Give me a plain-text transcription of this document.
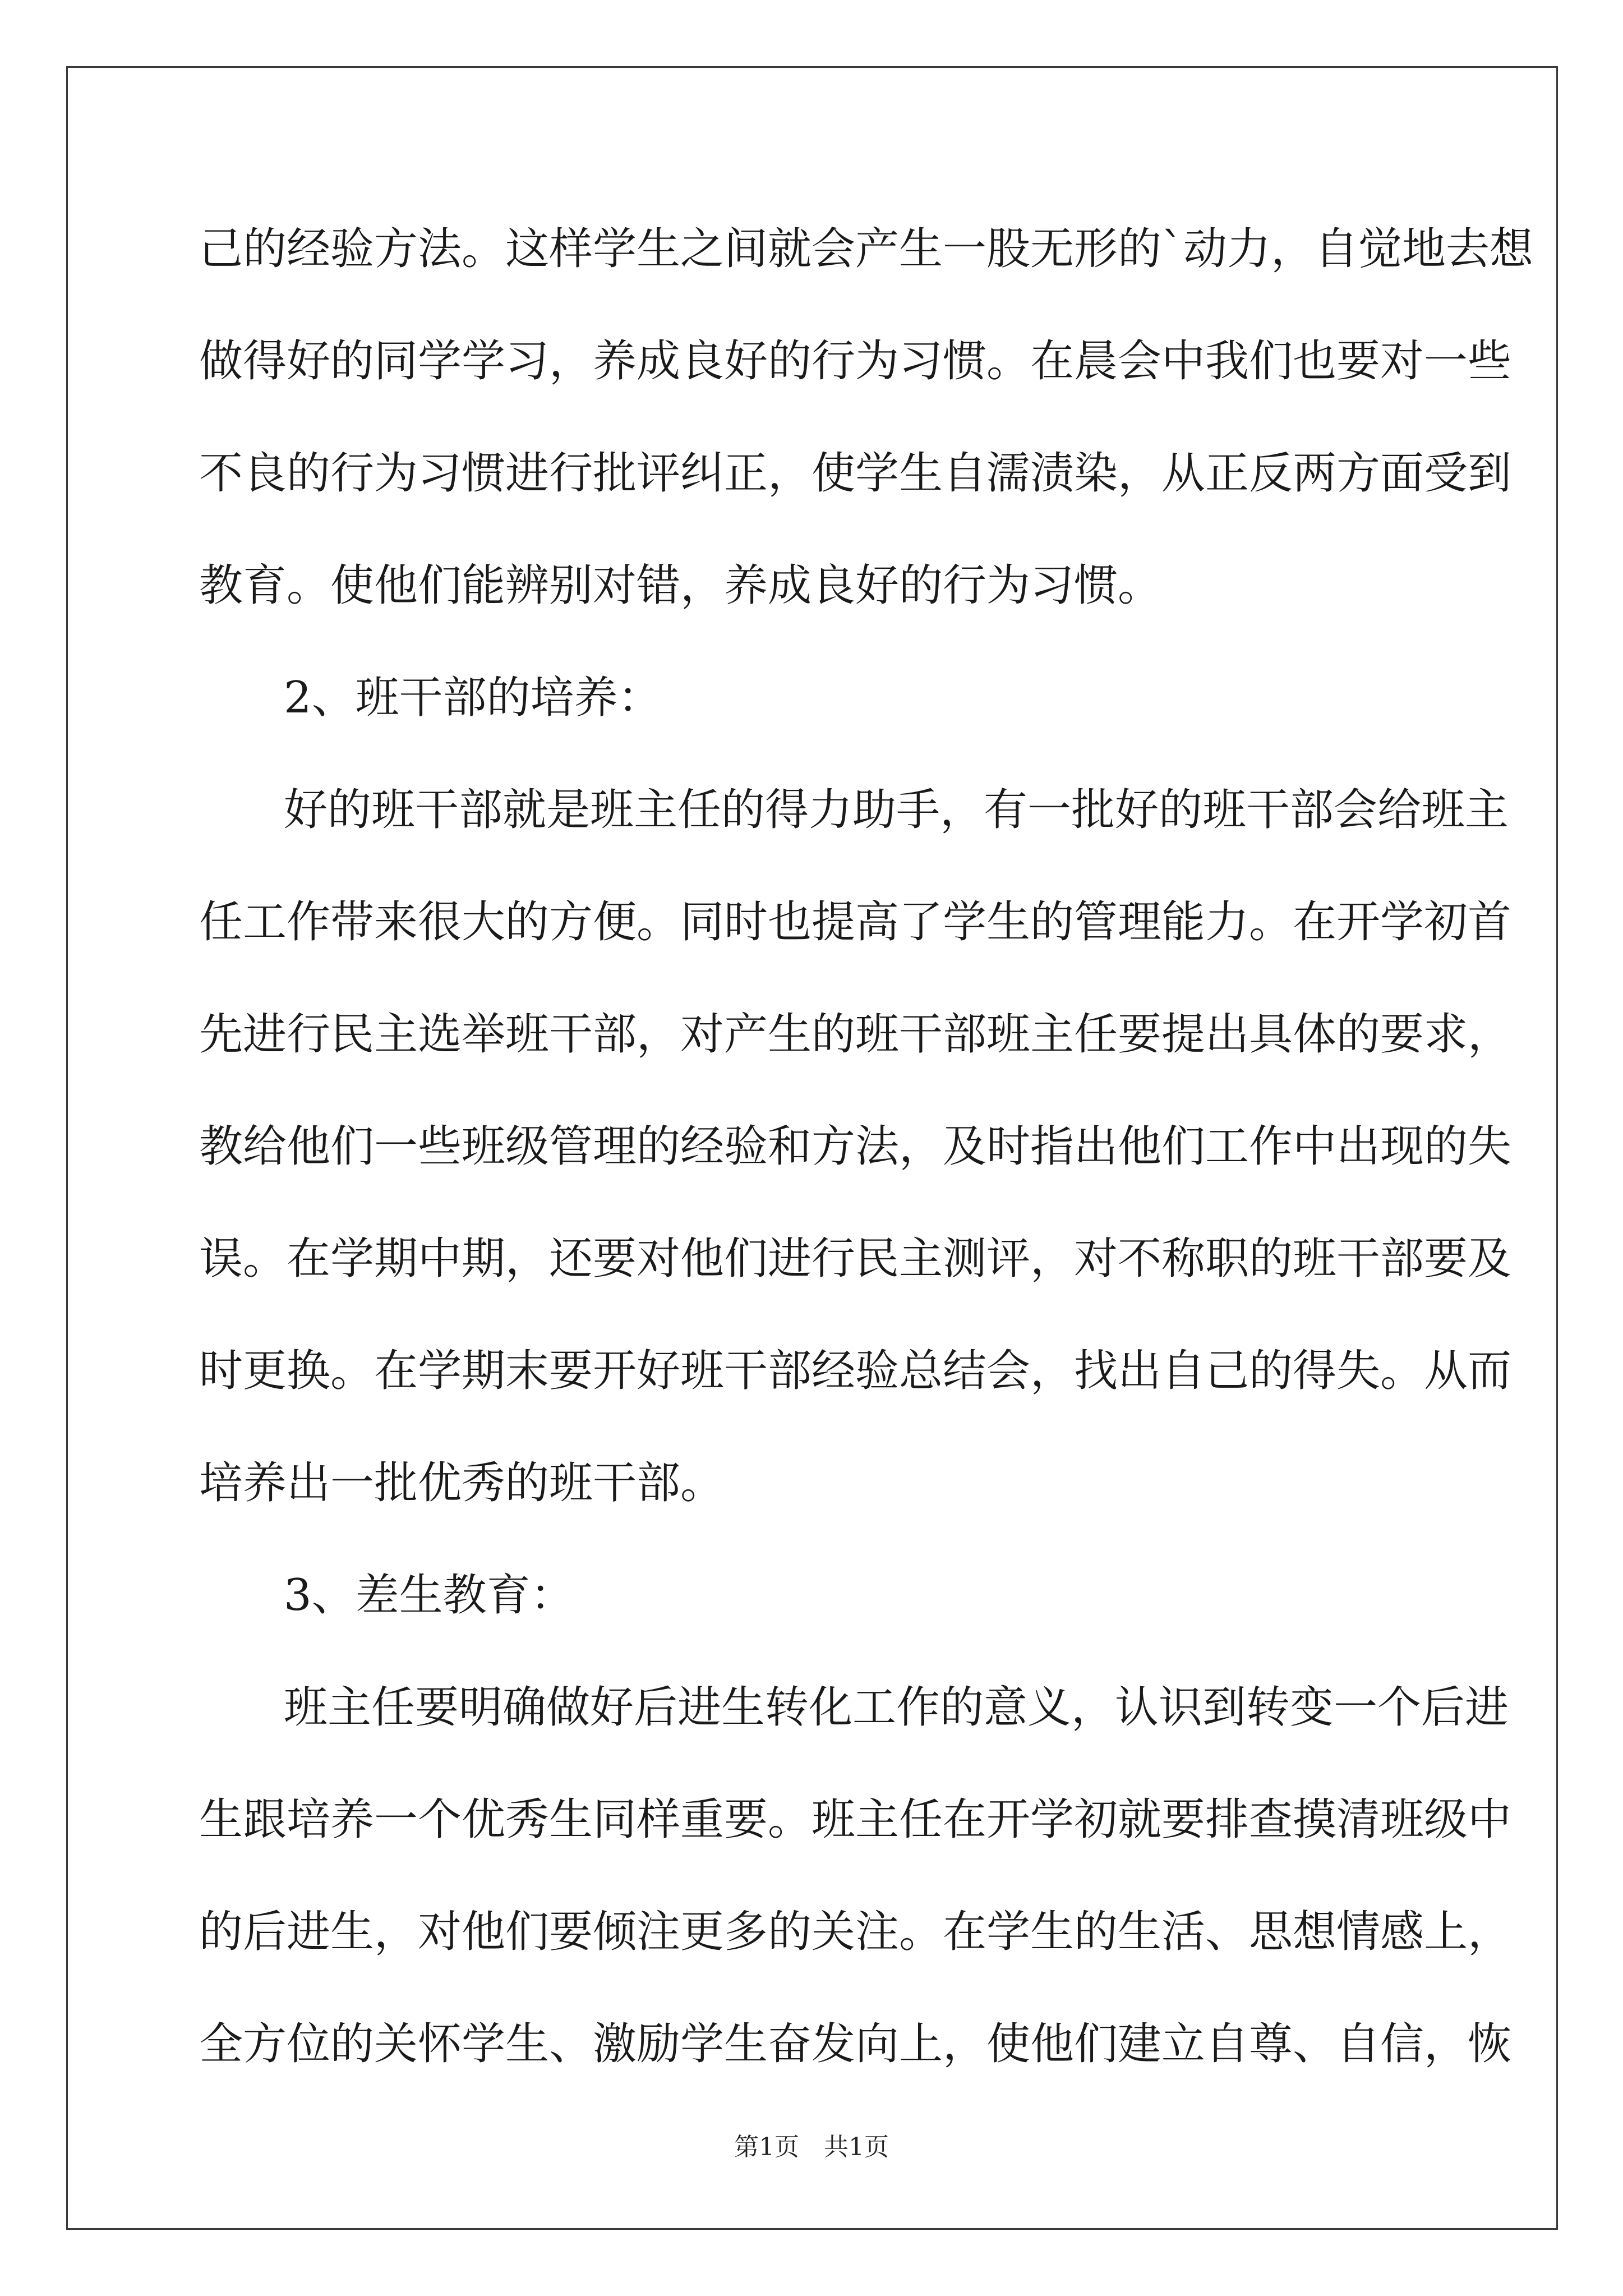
己的经验方法。这样学生之间就会产生一股无形的`动力，自觉地去想
做得好的同学学习，养成良好的行为习惯。在晨会中我们也要对一些
不良的行为习惯进行批评纠正，使学生自濡渍染，从正反两方面受到
教育。使他们能辨别对错，养成良好的行为习惯。
2、班干部的培养：
好的班干部就是班主任的得力助手，有一批好的班干部会给班主
任工作带来很大的方便。同时也提高了学生的管理能力。在开学初首
先进行民主选举班干部，对产生的班干部班主任要提出具体的要求，
教给他们一些班级管理的经验和方法，及时指出他们工作中出现的失
误。在学期中期，还要对他们进行民主测评，对不称职的班干部要及
时更换。在学期末要开好班干部经验总结会，找出自己的得失。从而
培养出一批优秀的班干部。
3、差生教育：
班主任要明确做好后进生转化工作的意义，认识到转变一个后进
生跟培养一个优秀生同样重要。班主任在开学初就要排查摸清班级中
的后进生，对他们要倾注更多的关注。在学生的生活、思想情感上，
全方位的关怀学生、激励学生奋发向上，使他们建立自尊、自信，恢
第1页 共1页
